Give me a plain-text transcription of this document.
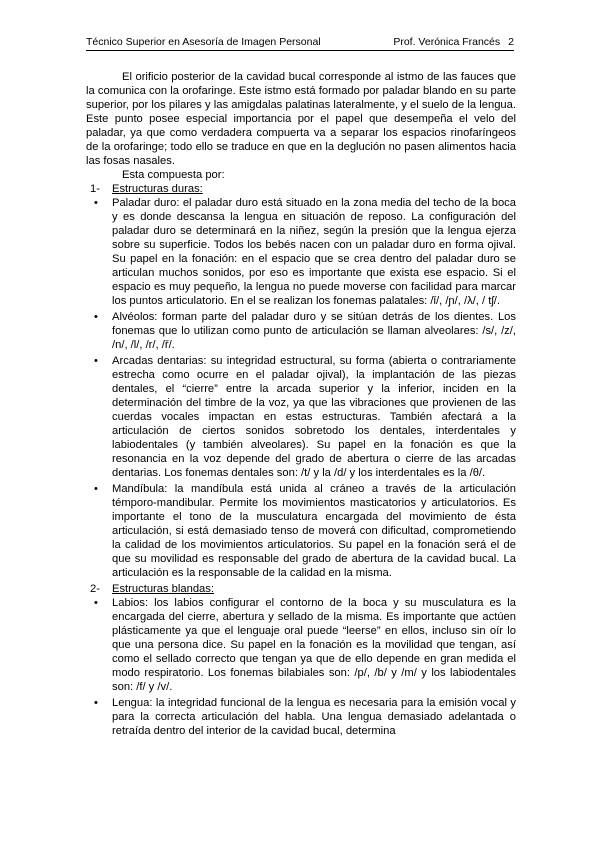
Técnico Superior en Asesoría de Imagen Personal	Prof. Verónica Francés 2

El orificio posterior de la cavidad bucal corresponde al istmo de las fauces que la comunica con la orofaringe. Este istmo está formado por paladar blando en su parte superior, por los pilares y las amigdalas palatinas lateralmente, y el suelo de la lengua. Este punto posee especial importancia por el papel que desempeña el velo del paladar, ya que como verdadera compuerta va a separar los espacios rinofaríngeos de la orofaringe; todo ello se traduce en que en la deglución no pasen alimentos hacia las fosas nasales.

Esta compuesta por:

1- Estructuras duras:

• Paladar duro: el paladar duro está situado en la zona media del techo de la boca y es donde descansa la lengua en situación de reposo. La configuración del paladar duro se determinará en la niñez, según la presión que la lengua ejerza sobre su superficie. Todos los bebés nacen con un paladar duro en forma ojival. Su papel en la fonación: en el espacio que se crea dentro del paladar duro se articulan muchos sonidos, por eso es importante que exista ese espacio. Si el espacio es muy pequeño, la lengua no puede moverse con facilidad para marcar los puntos articulatorio. En el se realizan los fonemas palatales: /ǐ/, /ɲ/, /λ/, / tʃ/.
• Alvéolos: forman parte del paladar duro y se sitúan detrás de los dientes. Los fonemas que lo utilizan como punto de articulación se llaman alveolares: /s/, /z/, /n/, /l/, /r/, /ř/.
• Arcadas dentarias: su integridad estructural, su forma (abierta o contrariamente estrecha como ocurre en el paladar ojival), la implantación de las piezas dentales, el “cierre” entre la arcada superior y la inferior, inciden en la determinación del timbre de la voz, ya que las vibraciones que provienen de las cuerdas vocales impactan en estas estructuras. También afectará a la articulación de ciertos sonidos sobretodo los dentales, interdentales y labiodentales (y también alveolares). Su papel en la fonación es que la resonancia en la voz depende del grado de abertura o cierre de las arcadas dentarias. Los fonemas dentales son: /t/ y la /d/ y los interdentales es la /θ/.
• Mandíbula: la mandíbula está unida al cráneo a través de la articulación témporo-mandibular. Permite los movimientos masticatorios y articulatorios. Es importante el tono de la musculatura encargada del movimiento de ésta articulación, si está demasiado tenso de moverá con dificultad, comprometiendo la calidad de los movimientos articulatorios. Su papel en la fonación será el de que su movilidad es responsable del grado de abertura de la cavidad bucal. La articulación es la responsable de la calidad en la misma.

2- Estructuras blandas:

• Labios: los labios configurar el contorno de la boca y su musculatura es la encargada del cierre, abertura y sellado de la misma. Es importante que actúen plásticamente ya que el lenguaje oral puede “leerse” en ellos, incluso sin oír lo que una persona dice. Su papel en la fonación es la movilidad que tengan, así como el sellado correcto que tengan ya que de ello depende en gran medida el modo respiratorio. Los fonemas bilabiales son: /p/, /b/ y /m/ y los labiodentales son: /f/ y /v/.
• Lengua: la integridad funcional de la lengua es necesaria para la emisión vocal y para la correcta articulación del habla. Una lengua demasiado adelantada o retraída dentro del interior de la cavidad bucal, determina
